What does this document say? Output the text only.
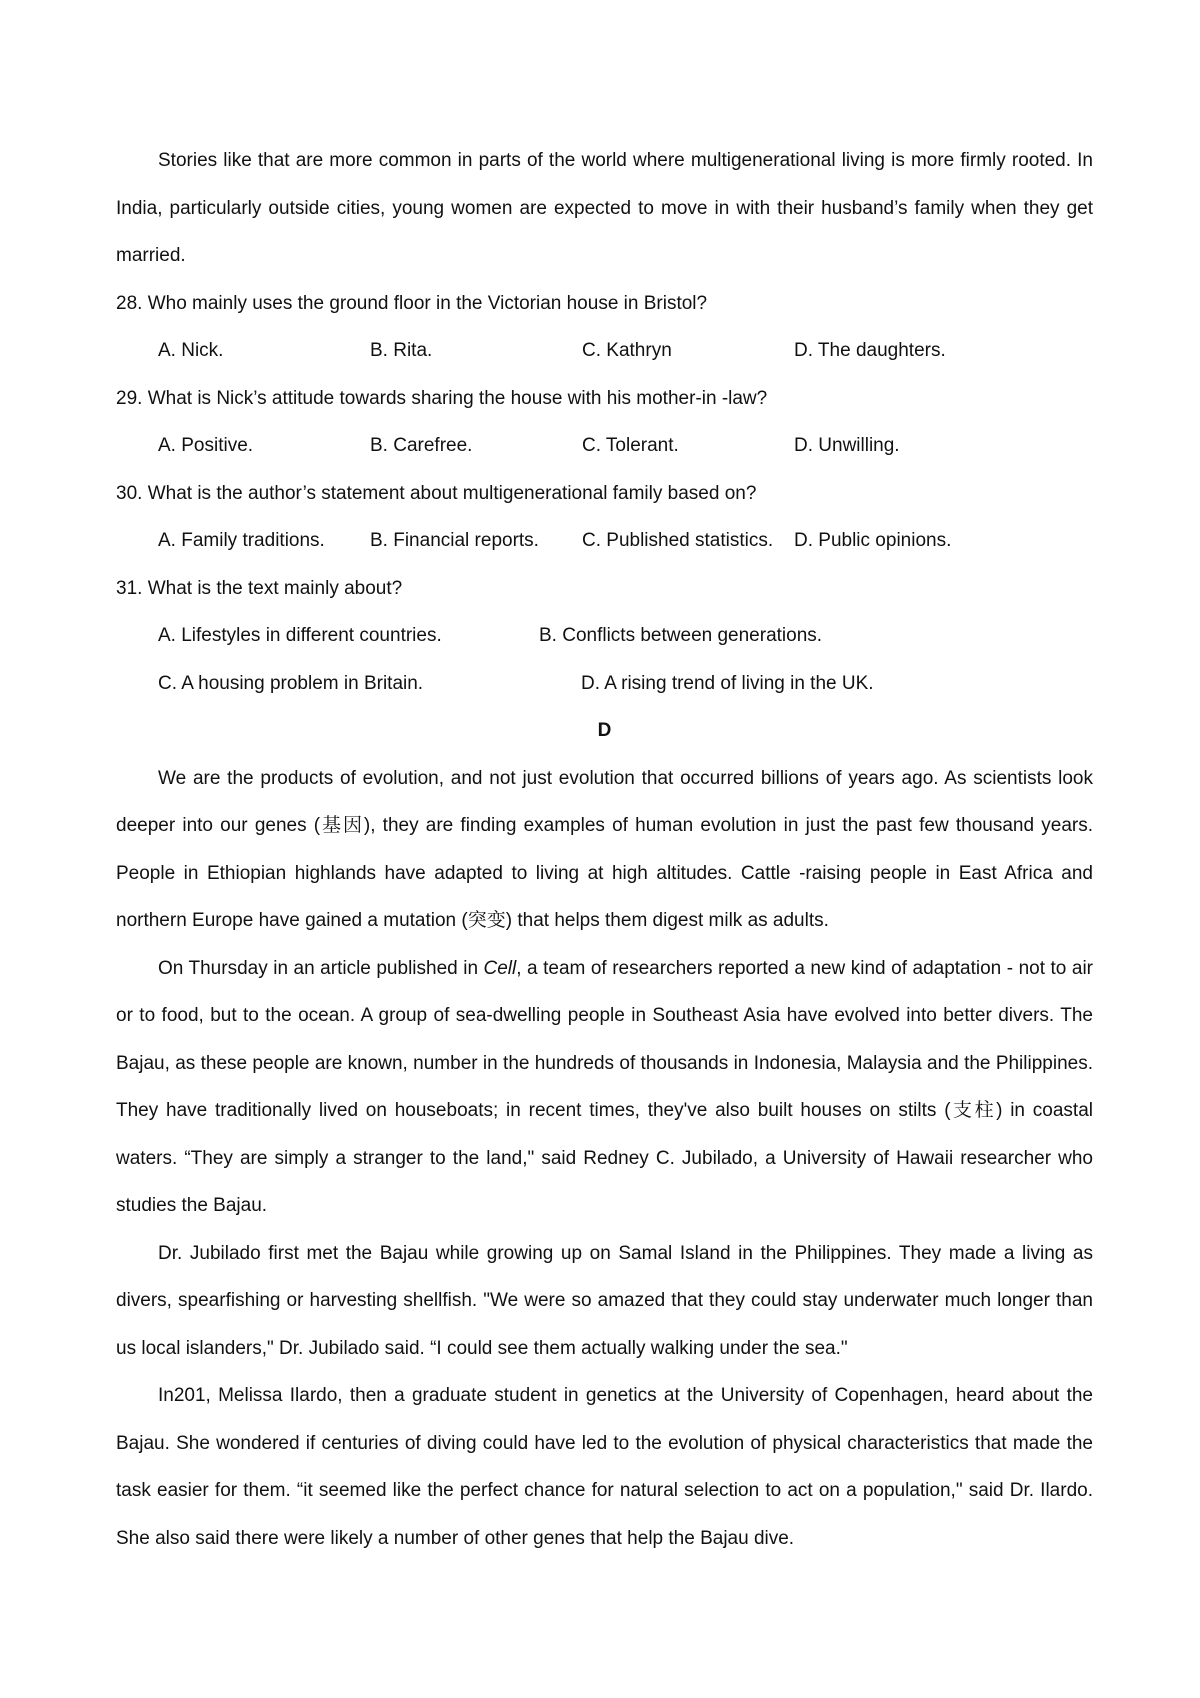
Stories like that are more common in parts of the world where multigenerational living is more firmly rooted. In India, particularly outside cities, young women are expected to move in with their husband’s family when they get married.

28. Who mainly uses the ground floor in the Victorian house in Bristol?
A. Nick.	B. Rita.	C. Kathryn	D. The daughters.
29. What is Nick’s attitude towards sharing the house with his mother-in -law?
A. Positive.	B. Carefree.	C. Tolerant.	D. Unwilling.
30. What is the author’s statement about multigenerational family based on?
A. Family traditions.	B. Financial reports.	C. Published statistics.	D. Public opinions.
31. What is the text mainly about?
A. Lifestyles in different countries.	B. Conflicts between generations.
C. A housing problem in Britain.	D. A rising trend of living in the UK.
D

We are the products of evolution, and not just evolution that occurred billions of years ago. As scientists look deeper into our genes (基因), they are finding examples of human evolution in just the past few thousand years. People in Ethiopian highlands have adapted to living at high altitudes. Cattle -raising people in East Africa and northern Europe have gained a mutation (突变) that helps them digest milk as adults.

On Thursday in an article published in Cell, a team of researchers reported a new kind of adaptation - not to air or to food, but to the ocean. A group of sea-dwelling people in Southeast Asia have evolved into better divers. The Bajau, as these people are known, number in the hundreds of thousands in Indonesia, Malaysia and the Philippines. They have traditionally lived on houseboats; in recent times, they've also built houses on stilts (支柱) in coastal waters. “They are simply a stranger to the land," said Redney C. Jubilado, a University of Hawaii researcher who studies the Bajau.

Dr. Jubilado first met the Bajau while growing up on Samal Island in the Philippines. They made a living as divers, spearfishing or harvesting shellfish. "We were so amazed that they could stay underwater much longer than us local islanders," Dr. Jubilado said. “I could see them actually walking under the sea."

In201, Melissa Ilardo, then a graduate student in genetics at the University of Copenhagen, heard about the Bajau. She wondered if centuries of diving could have led to the evolution of physical characteristics that made the task easier for them. “it seemed like the perfect chance for natural selection to act on a population," said Dr. Ilardo. She also said there were likely a number of other genes that help the Bajau dive.
